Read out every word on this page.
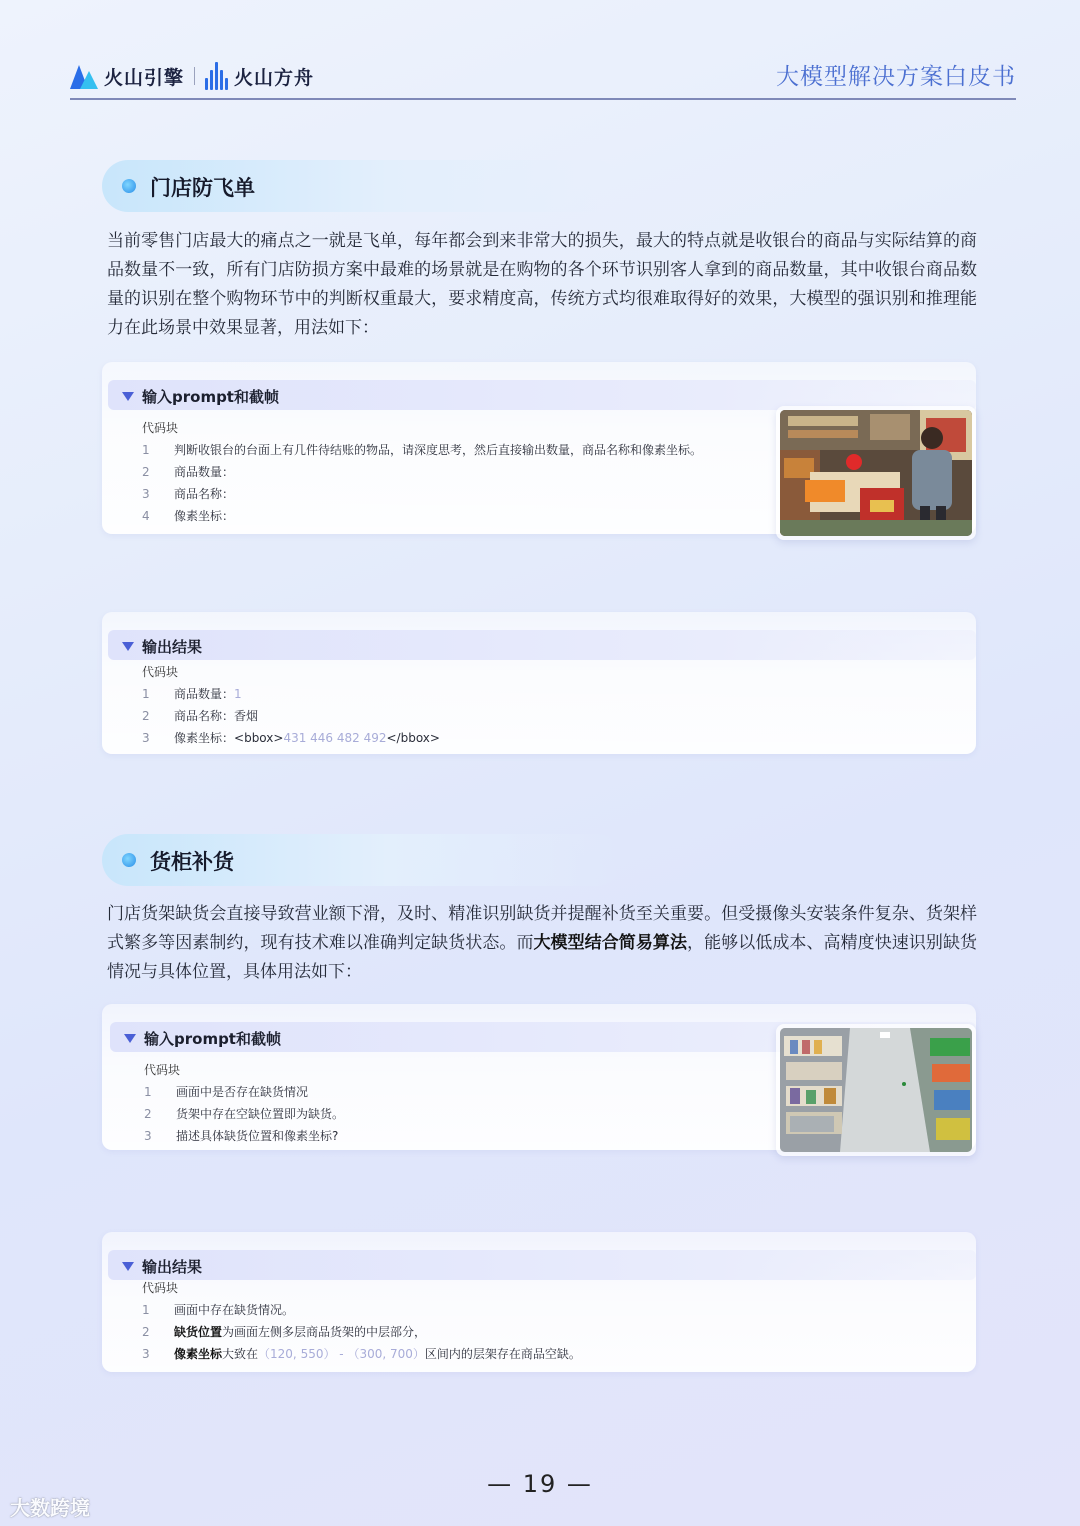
火山引擎	火山方舟	大模型解决方案白皮书
门店防飞单
当前零售门店最大的痛点之一就是飞单，每年都会到来非常大的损失，最大的特点就是收银台的商品与实际结算的商品数量不一致，所有门店防损方案中最难的场景就是在购物的各个环节识别客人拿到的商品数量，其中收银台商品数量的识别在整个购物环节中的判断权重最大，要求精度高，传统方式均很难取得好的效果，大模型的强识别和推理能力在此场景中效果显著，用法如下：
输入prompt和截帧
代码块
1 判断收银台的台面上有几件待结账的物品，请深度思考，然后直接输出数量，商品名称和像素坐标。
2 商品数量：
3 商品名称：
4 像素坐标：
输出结果
代码块
1 商品数量：1
2 商品名称：香烟
3 像素坐标：<bbox>431 446 482 492</bbox>
货柜补货
门店货架缺货会直接导致营业额下滑，及时、精准识别缺货并提醒补货至关重要。但受摄像头安装条件复杂、货架样式繁多等因素制约，现有技术难以准确判定缺货状态。而大模型结合简易算法，能够以低成本、高精度快速识别缺货情况与具体位置，具体用法如下：
输入prompt和截帧
代码块
1 画面中是否存在缺货情况
2 货架中存在空缺位置即为缺货。
3 描述具体缺货位置和像素坐标?
输出结果
代码块
1 画面中存在缺货情况。
2 缺货位置为画面左侧多层商品货架的中层部分，
3 像素坐标大致在（120, 550） - （300, 700）区间内的层架存在商品空缺。
— 19 —
大数跨境
